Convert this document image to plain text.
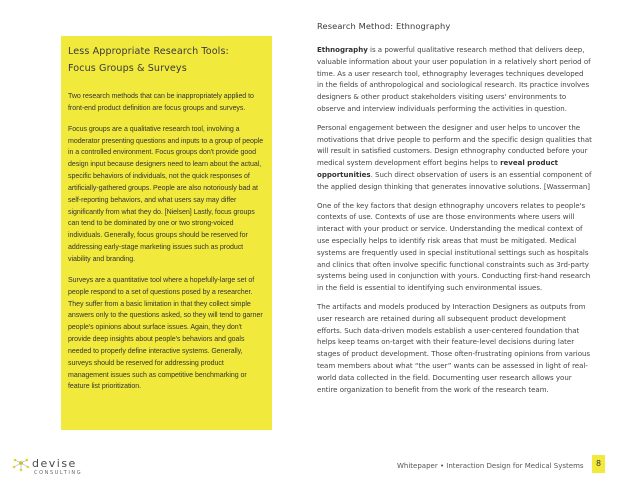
Less Appropriate Research Tools:
Focus Groups & Surveys

Two research methods that can be inappropriately applied to front-end product definition are focus groups and surveys.

Focus groups are a qualitative research tool, involving a moderator presenting questions and inputs to a group of people in a controlled environment. Focus groups don't provide good design input because designers need to learn about the actual, specific behaviors of individuals, not the quick responses of artificially-gathered groups. People are also notoriously bad at self-reporting behaviors, and what users say may differ significantly from what they do. [Nielsen] Lastly, focus groups can tend to be dominated by one or two strong-voiced individuals. Generally, focus groups should be reserved for addressing early-stage marketing issues such as product viability and branding.

Surveys are a quantitative tool where a hopefully-large set of people respond to a set of questions posed by a researcher. They suffer from a basic limitation in that they collect simple answers only to the questions asked, so they will tend to garner people's opinions about surface issues. Again, they don't provide deep insights about people's behaviors and goals needed to properly define interactive systems. Generally, surveys should be reserved for addressing product management issues such as competitive benchmarking or feature list prioritization.

Research Method: Ethnography

Ethnography is a powerful qualitative research method that delivers deep, valuable information about your user population in a relatively short period of time. As a user research tool, ethnography leverages techniques developed in the fields of anthropological and sociological research. Its practice involves designers & other product stakeholders visiting users' environments to observe and interview individuals performing the activities in question.

Personal engagement between the designer and user helps to uncover the motivations that drive people to perform and the specific design qualities that will result in satisfied customers. Design ethnography conducted before your medical system development effort begins helps to reveal product opportunities. Such direct observation of users is an essential component of the applied design thinking that generates innovative solutions. [Wasserman]

One of the key factors that design ethnography uncovers relates to people's contexts of use. Contexts of use are those environments where users will interact with your product or service. Understanding the medical context of use especially helps to identify risk areas that must be mitigated. Medical systems are frequently used in special institutional settings such as hospitals and clinics that often involve specific functional constraints such as 3rd-party systems being used in conjunction with yours. Conducting first-hand research in the field is essential to identifying such environmental issues.

The artifacts and models produced by Interaction Designers as outputs from user research are retained during all subsequent product development efforts. Such data-driven models establish a user-centered foundation that helps keep teams on-target with their feature-level decisions during later stages of product development. Those often-frustrating opinions from various team members about what “the user” wants can be assessed in light of real-world data collected in the field. Documenting user research allows your entire organization to benefit from the work of the research team.

devise
CONSULTING
Whitepaper • Interaction Design for Medical Systems	8
